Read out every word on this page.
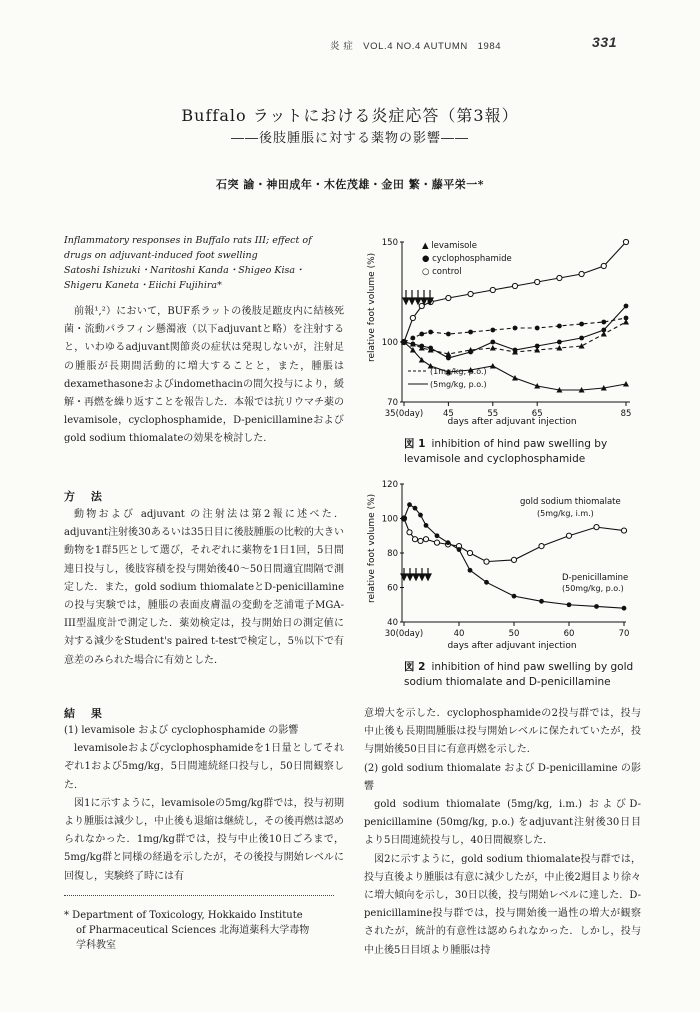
炎 症 VOL.4 NO.4 AUTUMN 1984	331
Buffalo ラットにおける炎症応答（第3報）
――後肢腫脹に対する薬物の影響――
石突 諭・神田成年・木佐茂雄・金田 繁・藤平栄一*
Inflammatory responses in Buffalo rats III; effect of
drugs on adjuvant-induced foot swelling
Satoshi Ishizuki・Naritoshi Kanda・Shigeo Kisa・
Shigeru Kaneta・Eiichi Fujihira*

前報¹,²）において，BUF系ラットの後肢足蹠皮内に結核死菌・流動パラフィン懸濁液（以下adjuvantと略）を注射すると，いわゆるadjuvant関節炎の症状は発現しないが，注射足の腫脹が長期間活動的に増大することと，また，腫脹はdexamethasoneおよびindomethacinの間欠投与により，緩解・再燃を繰り返すことを報告した．本報では抗リウマチ薬のlevamisole，cyclophosphamide，D-penicillamineおよびgold sodium thiomalateの効果を検討した．

方 法

動物および adjuvant の注射法は第2報に述べた．adjuvant注射後30あるいは35日目に後肢腫脹の比較的大きい動物を1群5匹として選び，それぞれに薬物を1日1回，5日間連日投与し，後肢容積を投与開始後40〜50日間適宜間隔で測定した．また，gold sodium thiomalateとD-penicillamineの投与実験では，腫脹の表面皮膚温の変動を芝浦電子MGA-III型温度計で測定した．薬効検定は，投与開始日の測定値に対する減少をStudent's paired t-testで検定し，5％以下で有意差のみられた場合に有効とした．

結 果
(1) levamisole および cyclophosphamide の影響

levamisoleおよびcyclophosphamideを1日量としてそれぞれ1および5mg/kg，5日間連続経口投与し，50日間観察した．

図1に示すように，levamisoleの5mg/kg群では，投与初期より腫脹は減少し，中止後も退縮は継続し，その後再燃は認められなかった．1mg/kg群では，投与中止後10日ごろまで，5mg/kg群と同様の経過を示したが，その後投与開始レベルに回復し，実験終了時には有

意増大を示した．cyclophosphamideの2投与群では，投与中止後も長期間腫脹は投与開始レベルに保たれていたが，投与開始後50日目に有意再燃を示した．

(2) gold sodium thiomalate および D-penicillamine の影響

gold sodium thiomalate (5mg/kg, i.m.) およびD-penicillamine (50mg/kg, p.o.) をadjuvant注射後30日目より5日間連続投与し，40日間観察した．

図2に示すように，gold sodium thiomalate投与群では，投与直後より腫脹は有意に減少したが，中止後2週目より徐々に増大傾向を示し，30日以後，投与開始レベルに達した．D-penicillamine投与群では，投与開始後一過性の増大が観察されたが，統計的有意性は認められなかった．しかし，投与中止後5日目頃より腫脹は持

* Department of Toxicology, Hokkaido Institute
of Pharmaceutical Sciences 北海道薬科大学毒物
学科教室
150
100
70
35(0day) 45	55	65	85
▲ levamisole
● cyclophosphamide
○ control
(1mg/kg, p.o.)
(5mg/kg, p.o.)
days after adjuvant injection
relative foot volume (%)
図 1 inhibition of hind paw swelling by levamisole and cyclophosphamide
120
100
80
60
40
30(0day)	40	50	60	70
gold sodium thiomalate
(5mg/kg, i.m.)
D-penicillamine
(50mg/kg, p.o.)
days after adjuvant injection
relative foot volume (%)
図 2 inhibition of hind paw swelling by gold sodium thiomalate and D-penicillamine
